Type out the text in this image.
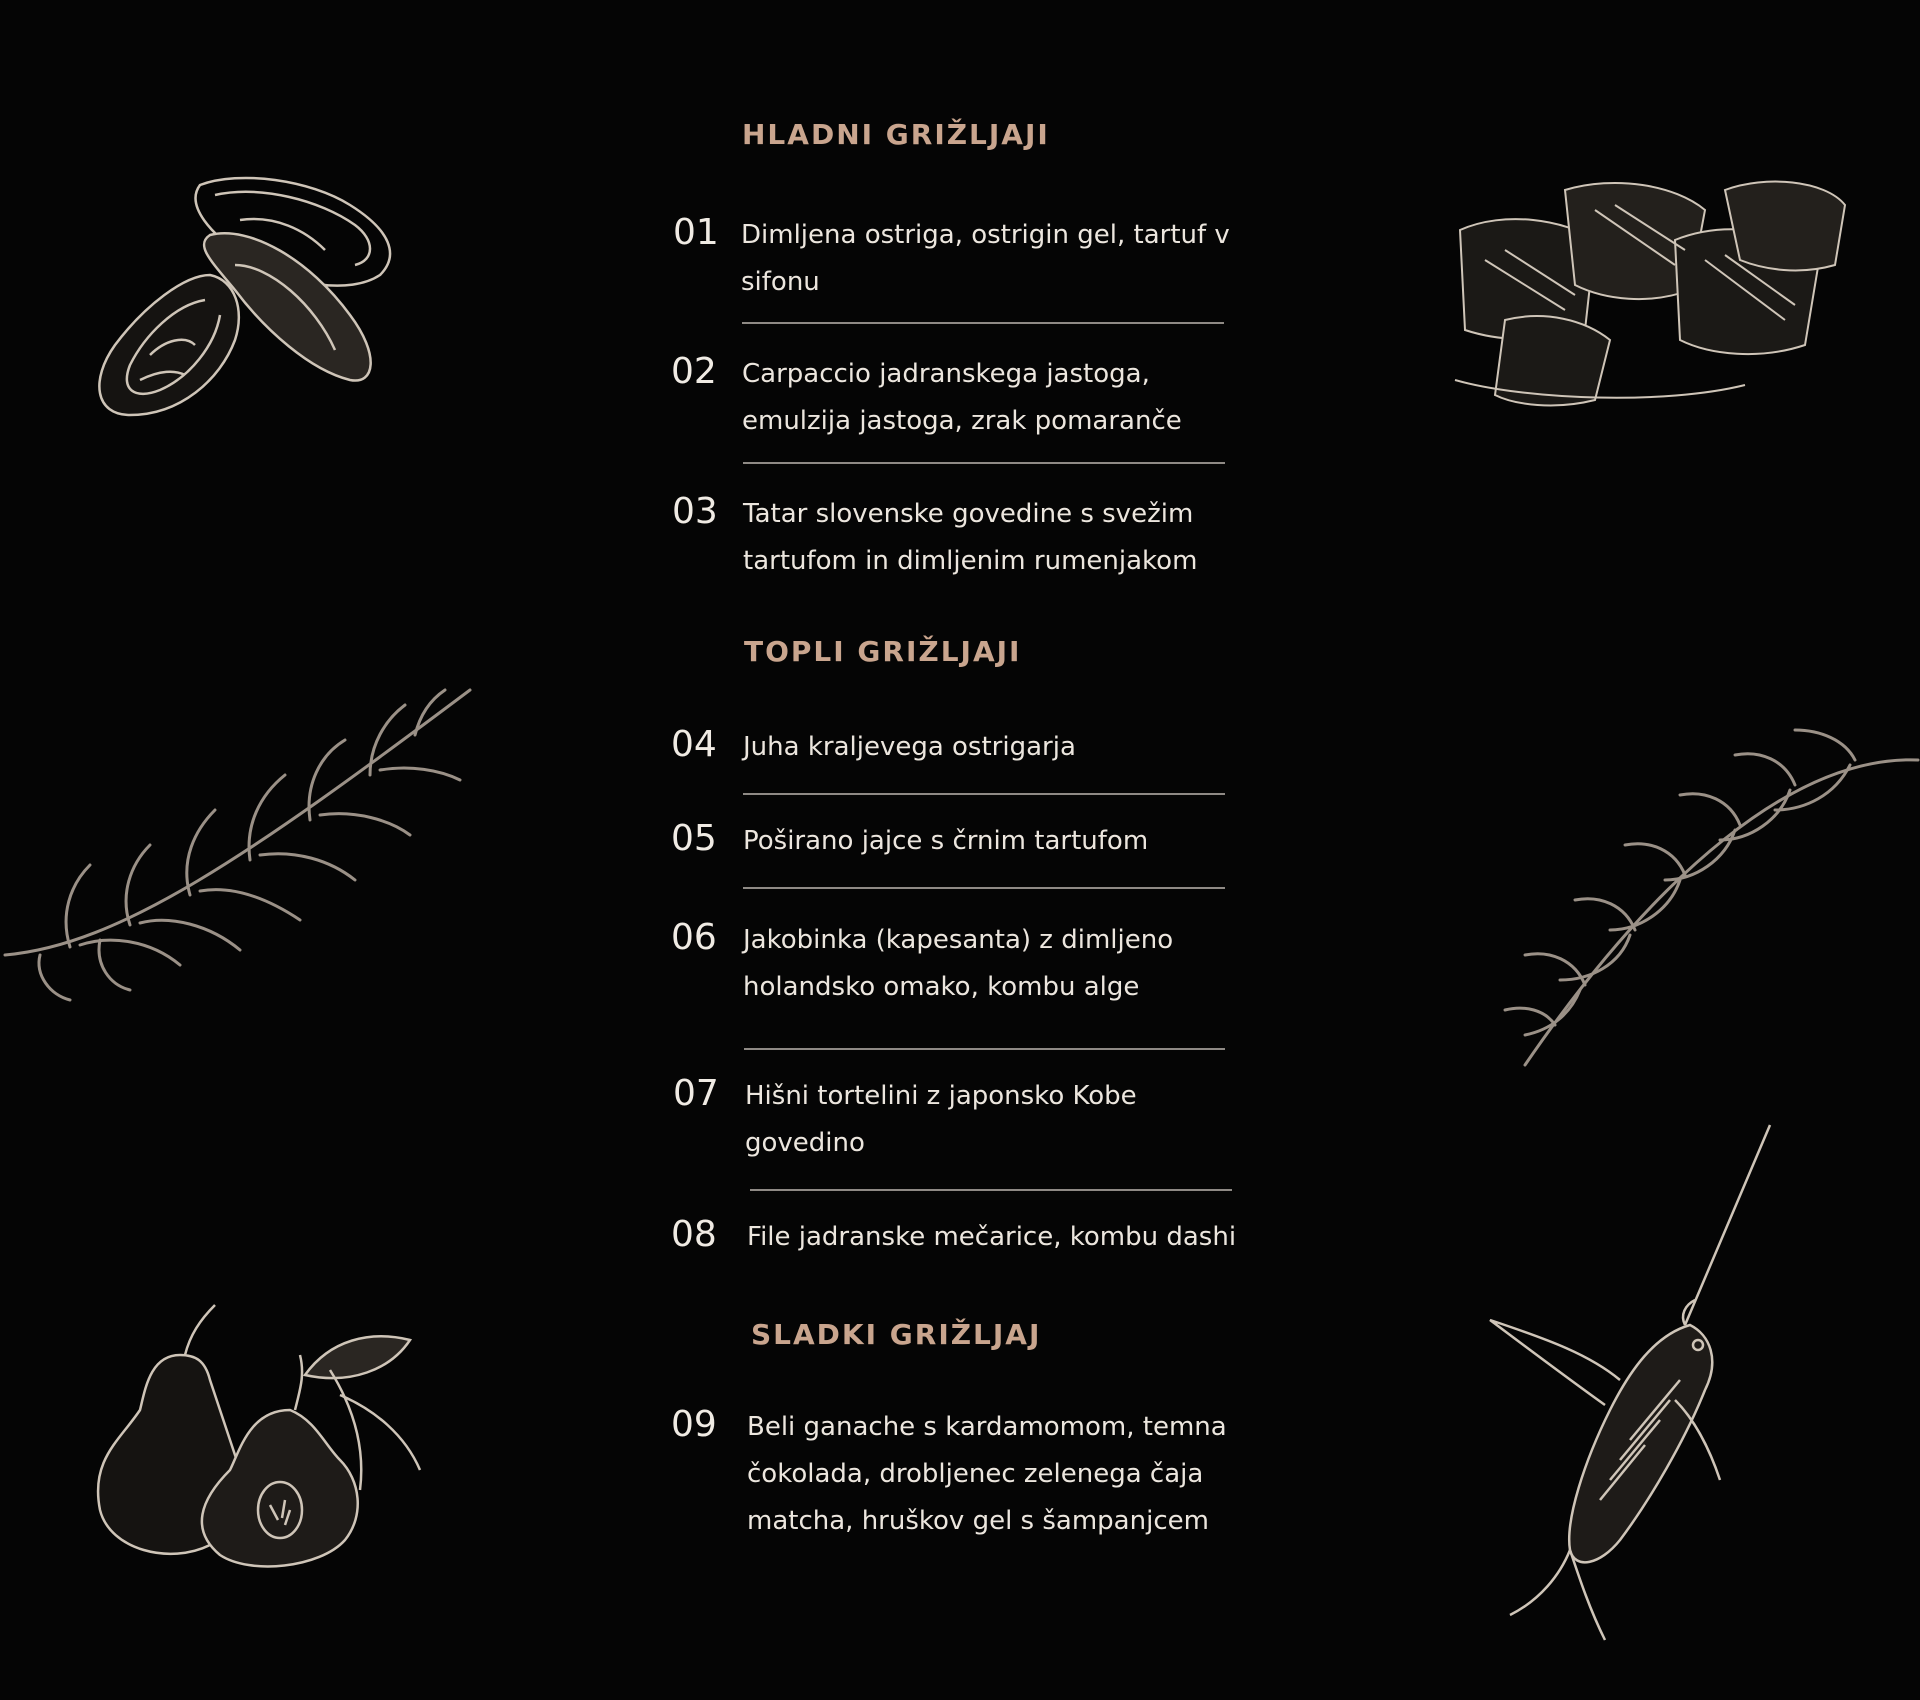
HLADNI GRIŽLJAJI
TOPLI GRIŽLJAJI
SLADKI GRIŽLJAJ
01 Dimljena ostriga, ostrigin gel, tartuf v sifonu

02 Carpaccio jadranskega jastoga, emulzija jastoga, zrak pomaranče

03 Tatar slovenske govedine s svežim tartufom in dimljenim rumenjakom

04 Juha kraljevega ostrigarja

05 Poširano jajce s črnim tartufom

06 Jakobinka (kapesanta) z dimljeno holandsko omako, kombu alge

07 Hišni tortelini z japonsko Kobe govedino

08 File jadranske mečarice, kombu dashi

09 Beli ganache s kardamomom, temna čokolada, drobljenec zelenega čaja matcha, hruškov gel s šampanjcem
